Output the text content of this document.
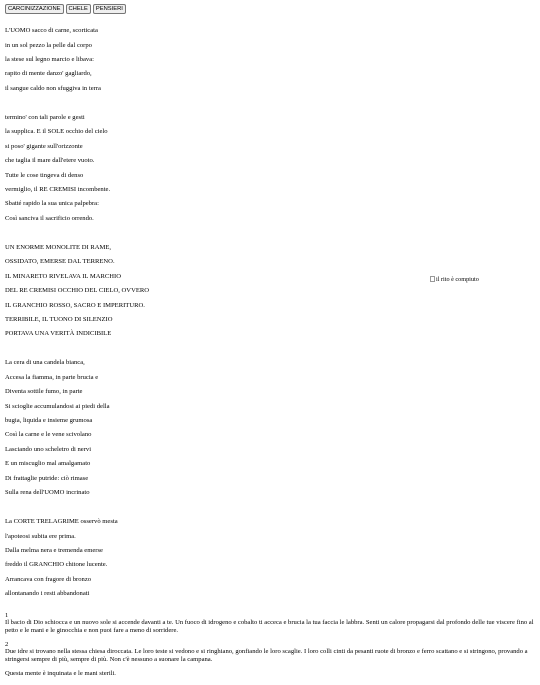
CARCINIZZAZIONE	CHELE	PENSIERI

L'UOMO sacco di carne, scorticata

in un sol pezzo la pelle dal corpo

la stese sul legno marcio e libava:

rapito di mente danzo' gagliardo,

il sangue caldo non sfuggiva in terra

termino' con tali parole e gesti

la supplica. E il SOLE occhio del cielo

si poso' gigante sull'orizzonte

che taglia il mare dall'etere vuoto.

Tutte le cose tingeva di denso

vermiglio, il RE CREMISI incombente.

Sbatté rapido la sua unica palpebra:

Così sanciva il sacrificio orrendo.

UN ENORME MONOLITE DI RAME,

OSSIDATO, EMERSE DAL TERRENO.

IL MINARETO RIVELAVA IL MARCHIO

DEL RE CREMISI OCCHIO DEL CIELO, OVVERO

IL GRANCHIO ROSSO, SACRO E IMPERITURO.

TERRIBILE, IL TUONO DI SILENZIO

PORTAVA UNA VERITÀ INDICIBILE

La cera di una candela bianca,

Accesa la fiamma, in parte brucia e

Diventa sottile fumo, in parte

Si scioglie accumulandosi ai piedi della

bugia, liquida e insieme grumosa

Così la carne e le vene scivolano

Lasciando uno scheletro di nervi

E un miscuglio mal amalgamato

Di frattaglie putride: ciò rimase

Sulla rena dell'UOMO incrinato

La CORTE TRELAGRIME osservò mesta

l'apoteosi subita ere prima.

Dalla melma nera e tremenda emerse

freddo il GRANCHIO chitone lucente.

Arrancava con fragore di bronzo

allontanando i resti abbandonati

1

Il bacio di Dio schiocca e un nuovo sole si accende davanti a te. Un fuoco di idrogeno e cobalto ti acceca e brucia la tua faccia le labbra. Senti un calore propagarsi dal profondo delle tue viscere fino al petto e le mani e le ginocchia e non puoi fare a meno di sorridere.

2

Due idre si trovano nella stessa chiesa diroccata. Le loro teste si vedono e si ringhiano, gonfiando le loro scaglie. I loro colli cinti da pesanti ruote di bronzo e ferro scattano e si stringono, provando a stringersi sempre di più, sempre di più. Non c'è nessuno a suonare la campana.

Questa mente è inquinata e le mani sterili.

il rito è compiuto
